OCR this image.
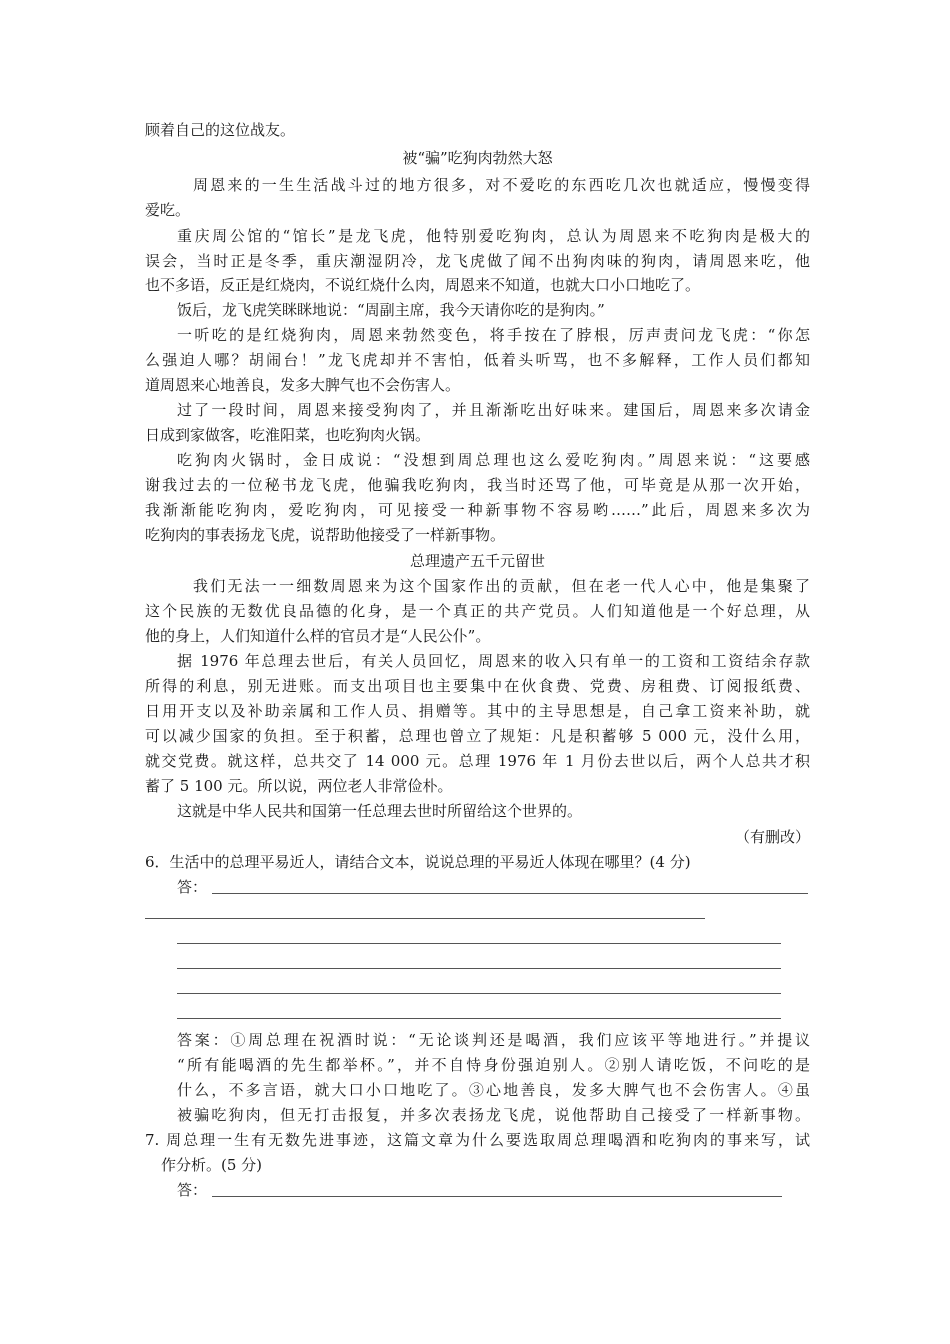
顾着自己的这位战友。
被“骗”吃狗肉勃然大怒
周恩来的一生生活战斗过的地方很多，对不爱吃的东西吃几次也就适应，慢慢变得
爱吃。
重庆周公馆的“馆长”是龙飞虎，他特别爱吃狗肉，总认为周恩来不吃狗肉是极大的
误会，当时正是冬季，重庆潮湿阴冷，龙飞虎做了闻不出狗肉味的狗肉，请周恩来吃，他
也不多语，反正是红烧肉，不说红烧什么肉，周恩来不知道，也就大口小口地吃了。
饭后，龙飞虎笑眯眯地说：“周副主席，我今天请你吃的是狗肉。”
一听吃的是红烧狗肉，周恩来勃然变色，将手按在了脖根，厉声责问龙飞虎：“你怎
么强迫人哪？胡闹台！”龙飞虎却并不害怕，低着头听骂，也不多解释，工作人员们都知
道周恩来心地善良，发多大脾气也不会伤害人。
过了一段时间，周恩来接受狗肉了，并且渐渐吃出好味来。建国后，周恩来多次请金
日成到家做客，吃淮阳菜，也吃狗肉火锅。
吃狗肉火锅时，金日成说：“没想到周总理也这么爱吃狗肉。”周恩来说：“这要感
谢我过去的一位秘书龙飞虎，他骗我吃狗肉，我当时还骂了他，可毕竟是从那一次开始，
我渐渐能吃狗肉，爱吃狗肉，可见接受一种新事物不容易哟……”此后，周恩来多次为
吃狗肉的事表扬龙飞虎，说帮助他接受了一样新事物。
总理遗产五千元留世
我们无法一一细数周恩来为这个国家作出的贡献，但在老一代人心中，他是集聚了
这个民族的无数优良品德的化身，是一个真正的共产党员。人们知道他是一个好总理，从
他的身上，人们知道什么样的官员才是“人民公仆”。
据 1976 年总理去世后，有关人员回忆，周恩来的收入只有单一的工资和工资结余存款
所得的利息，别无进账。而支出项目也主要集中在伙食费、党费、房租费、订阅报纸费、
日用开支以及补助亲属和工作人员、捐赠等。其中的主导思想是，自己拿工资来补助，就
可以减少国家的负担。至于积蓄，总理也曾立了规矩：凡是积蓄够 5 000 元，没什么用，
就交党费。就这样，总共交了 14 000 元。总理 1976 年 1 月份去世以后，两个人总共才积
蓄了 5 100 元。所以说，两位老人非常俭朴。
这就是中华人民共和国第一任总理去世时所留给这个世界的。
（有删改）
6．生活中的总理平易近人，请结合文本，说说总理的平易近人体现在哪里？(4 分)
答：
答案：①周总理在祝酒时说：“无论谈判还是喝酒，我们应该平等地进行。”并提议
“所有能喝酒的先生都举杯。”，并不自恃身份强迫别人。②别人请吃饭，不问吃的是
什么，不多言语，就大口小口地吃了。③心地善良，发多大脾气也不会伤害人。④虽
被骗吃狗肉，但无打击报复，并多次表扬龙飞虎，说他帮助自己接受了一样新事物。
7. 周总理一生有无数先进事迹，这篇文章为什么要选取周总理喝酒和吃狗肉的事来写，试
作分析。(5 分)
答：
